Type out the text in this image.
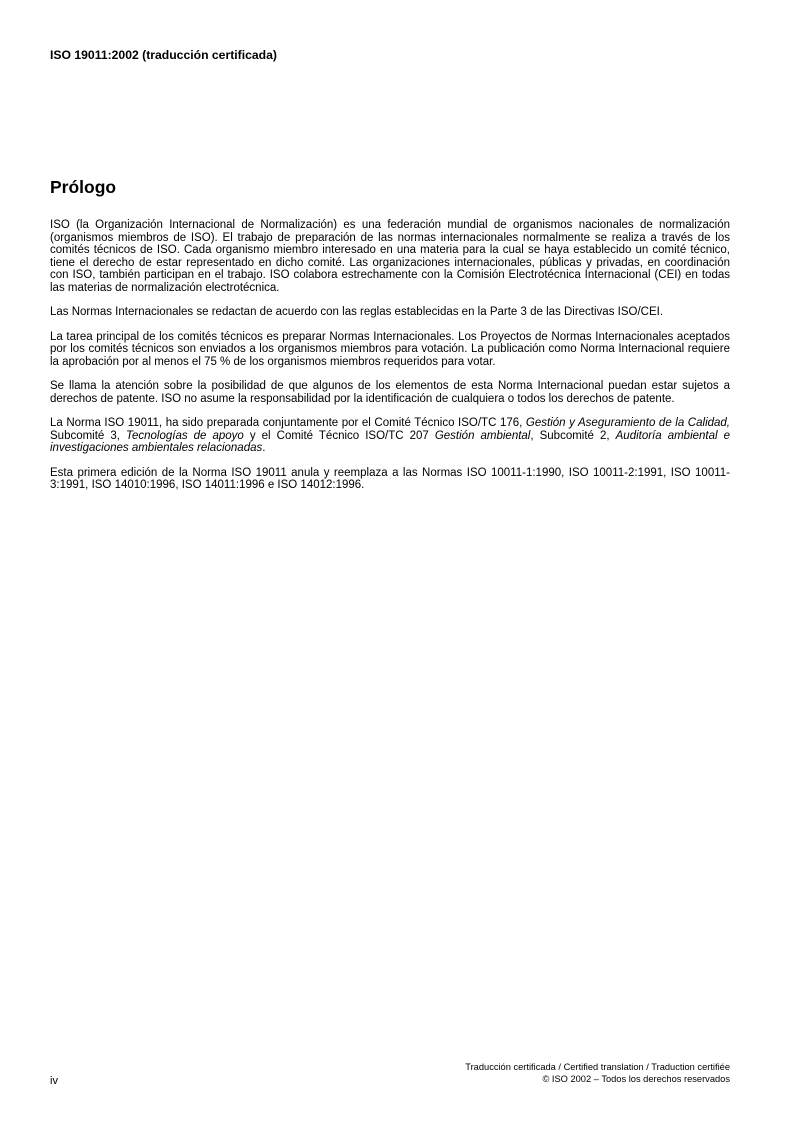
ISO 19011:2002 (traducción certificada)
Prólogo

ISO (la Organización Internacional de Normalización) es una federación mundial de organismos nacionales de normalización (organismos miembros de ISO). El trabajo de preparación de las normas internacionales normalmente se realiza a través de los comités técnicos de ISO. Cada organismo miembro interesado en una materia para la cual se haya establecido un comité técnico, tiene el derecho de estar representado en dicho comité. Las organizaciones internacionales, públicas y privadas, en coordinación con ISO, también participan en el trabajo. ISO colabora estrechamente con la Comisión Electrotécnica Internacional (CEI) en todas las materias de normalización electrotécnica.

Las Normas Internacionales se redactan de acuerdo con las reglas establecidas en la Parte 3 de las Directivas ISO/CEI.

La tarea principal de los comités técnicos es preparar Normas Internacionales. Los Proyectos de Normas Internacionales aceptados por los comités técnicos son enviados a los organismos miembros para votación. La publicación como Norma Internacional requiere la aprobación por al menos el 75 % de los organismos miembros requeridos para votar.

Se llama la atención sobre la posibilidad de que algunos de los elementos de esta Norma Internacional puedan estar sujetos a derechos de patente. ISO no asume la responsabilidad por la identificación de cualquiera o todos los derechos de patente.

La Norma ISO 19011, ha sido preparada conjuntamente por el Comité Técnico ISO/TC 176, Gestión y Aseguramiento de la Calidad, Subcomité 3, Tecnologías de apoyo y el Comité Técnico ISO/TC 207 Gestión ambiental, Subcomité 2, Auditoría ambiental e investigaciones ambientales relacionadas.

Esta primera edición de la Norma ISO 19011 anula y reemplaza a las Normas ISO 10011-1:1990, ISO 10011-2:1991, ISO 10011-3:1991, ISO 14010:1996, ISO 14011:1996 e ISO 14012:1996.

iv
Traducción certificada / Certified translation / Traduction certifiée
© ISO 2002 – Todos los derechos reservados
